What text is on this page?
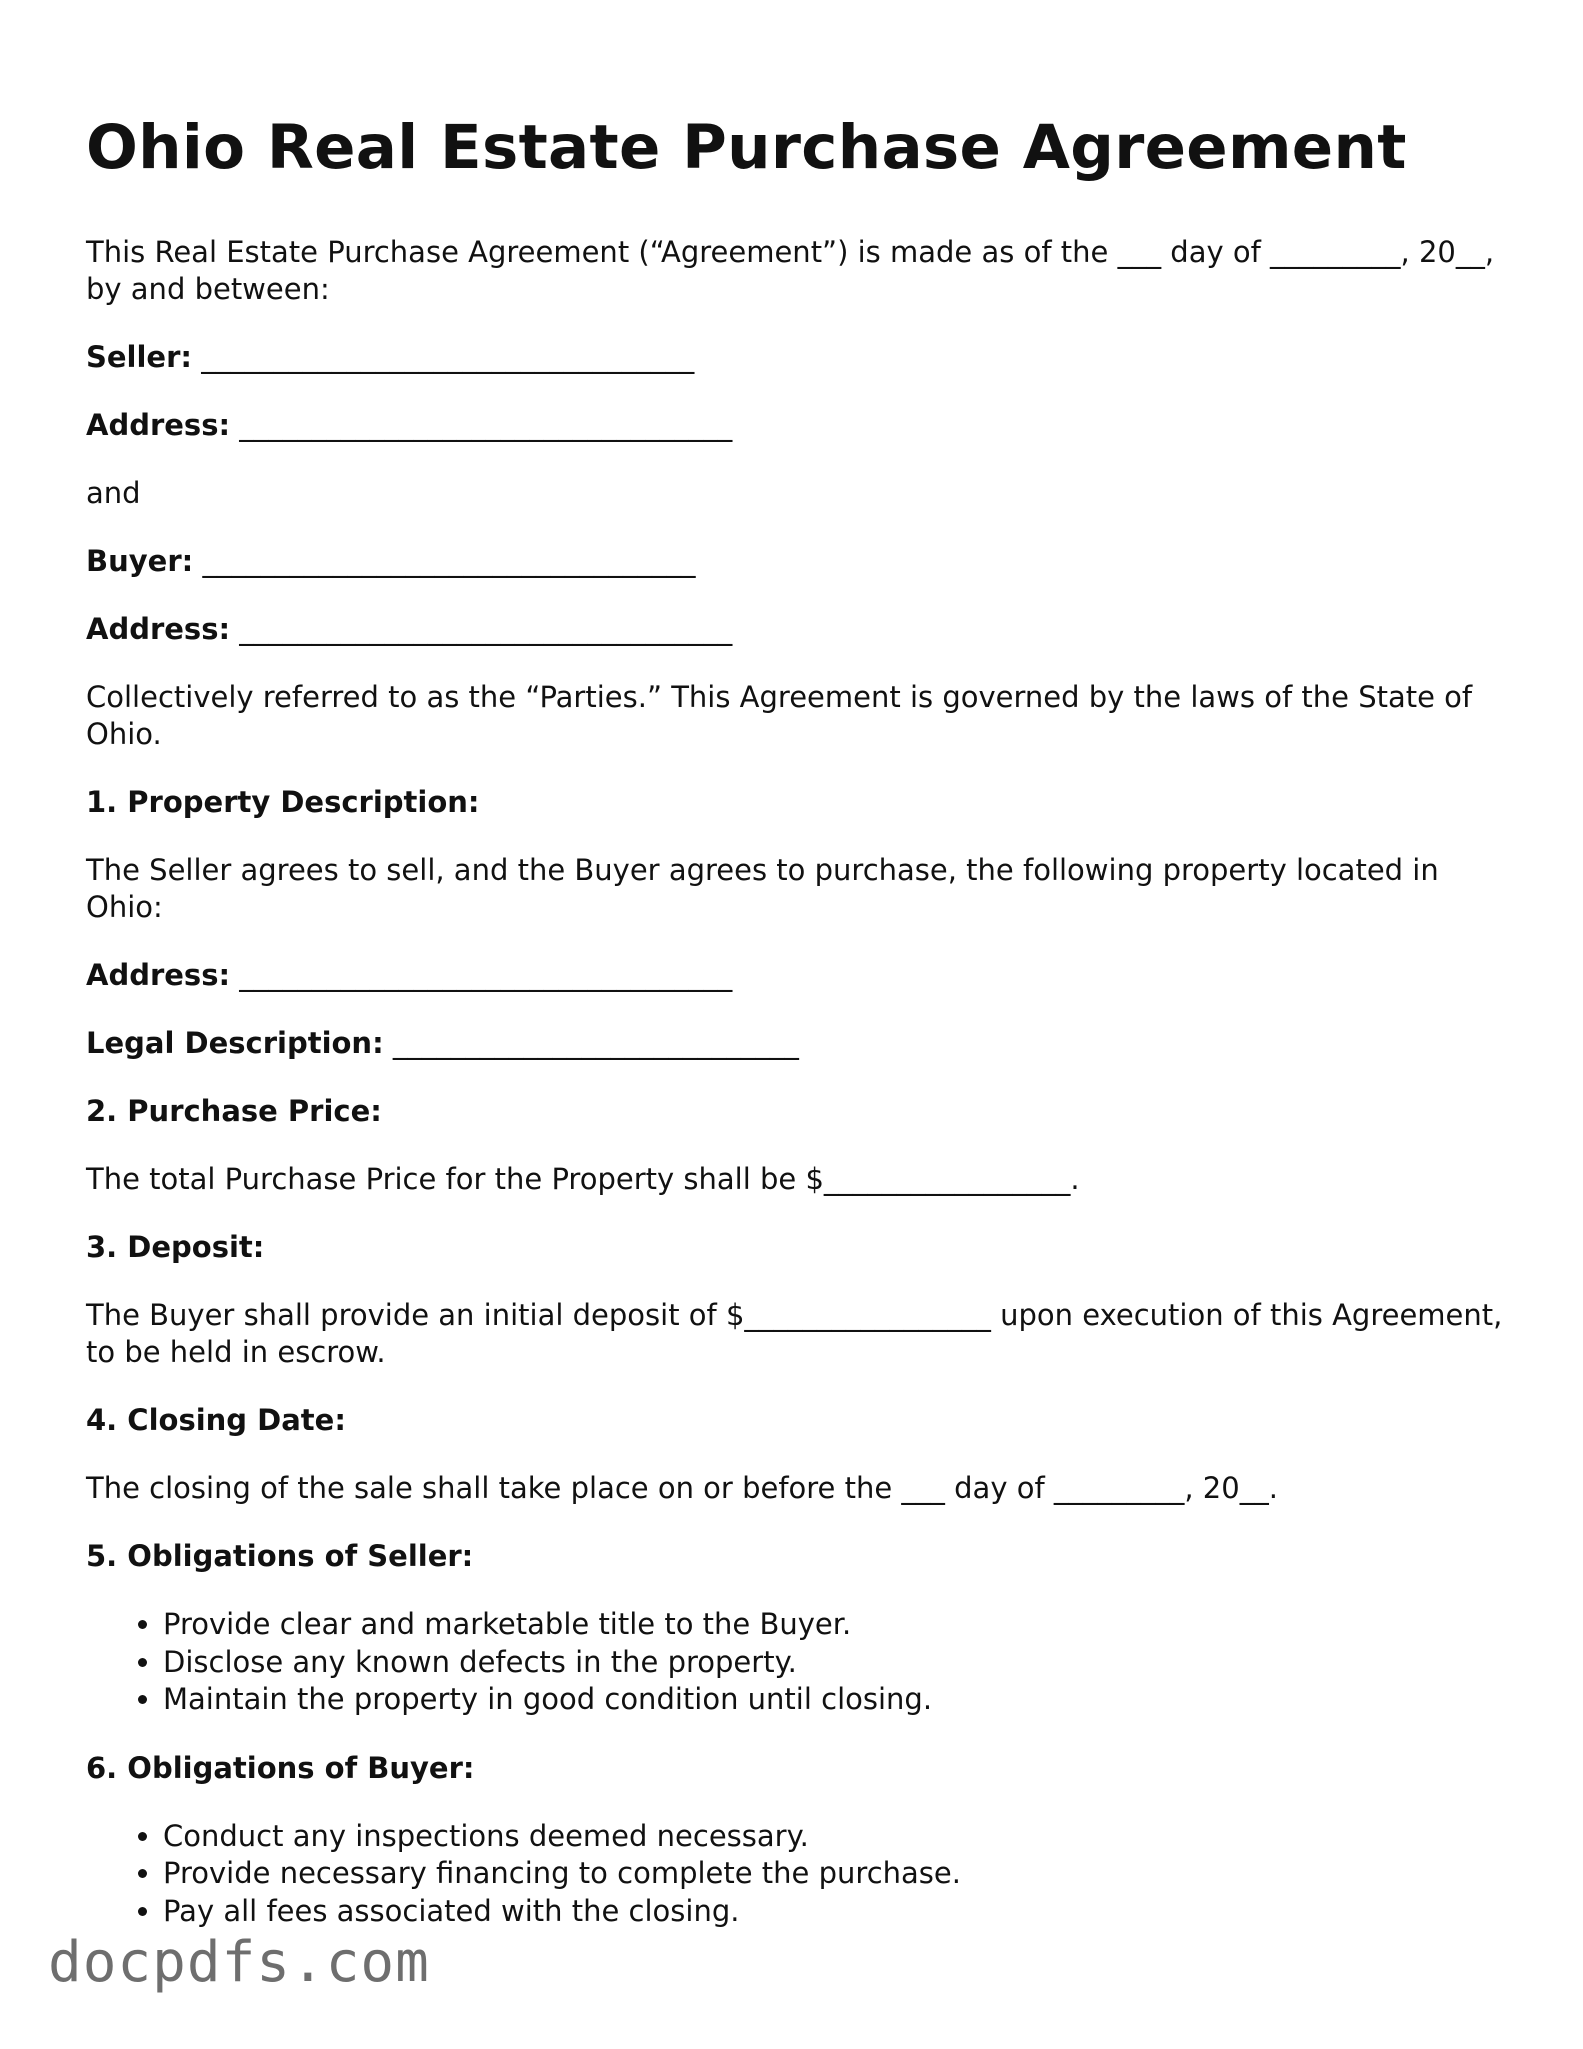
Ohio Real Estate Purchase Agreement

This Real Estate Purchase Agreement (“Agreement”) is made as of the ___ day of _________, 20__, by and between:

Seller: __________________________________

Address: __________________________________

and

Buyer: __________________________________

Address: __________________________________

Collectively referred to as the “Parties.” This Agreement is governed by the laws of the State of Ohio.

1. Property Description:

The Seller agrees to sell, and the Buyer agrees to purchase, the following property located in Ohio:

Address: __________________________________

Legal Description: ____________________________

2. Purchase Price:

The total Purchase Price for the Property shall be $_________________.

3. Deposit:

The Buyer shall provide an initial deposit of $_________________ upon execution of this Agreement, to be held in escrow.

4. Closing Date:

The closing of the sale shall take place on or before the ___ day of _________, 20__.

5. Obligations of Seller:
• Provide clear and marketable title to the Buyer.
• Disclose any known defects in the property.
• Maintain the property in good condition until closing.
6. Obligations of Buyer:
• Conduct any inspections deemed necessary.
• Provide necessary financing to complete the purchase.
• Pay all fees associated with the closing.
docpdfs.com
